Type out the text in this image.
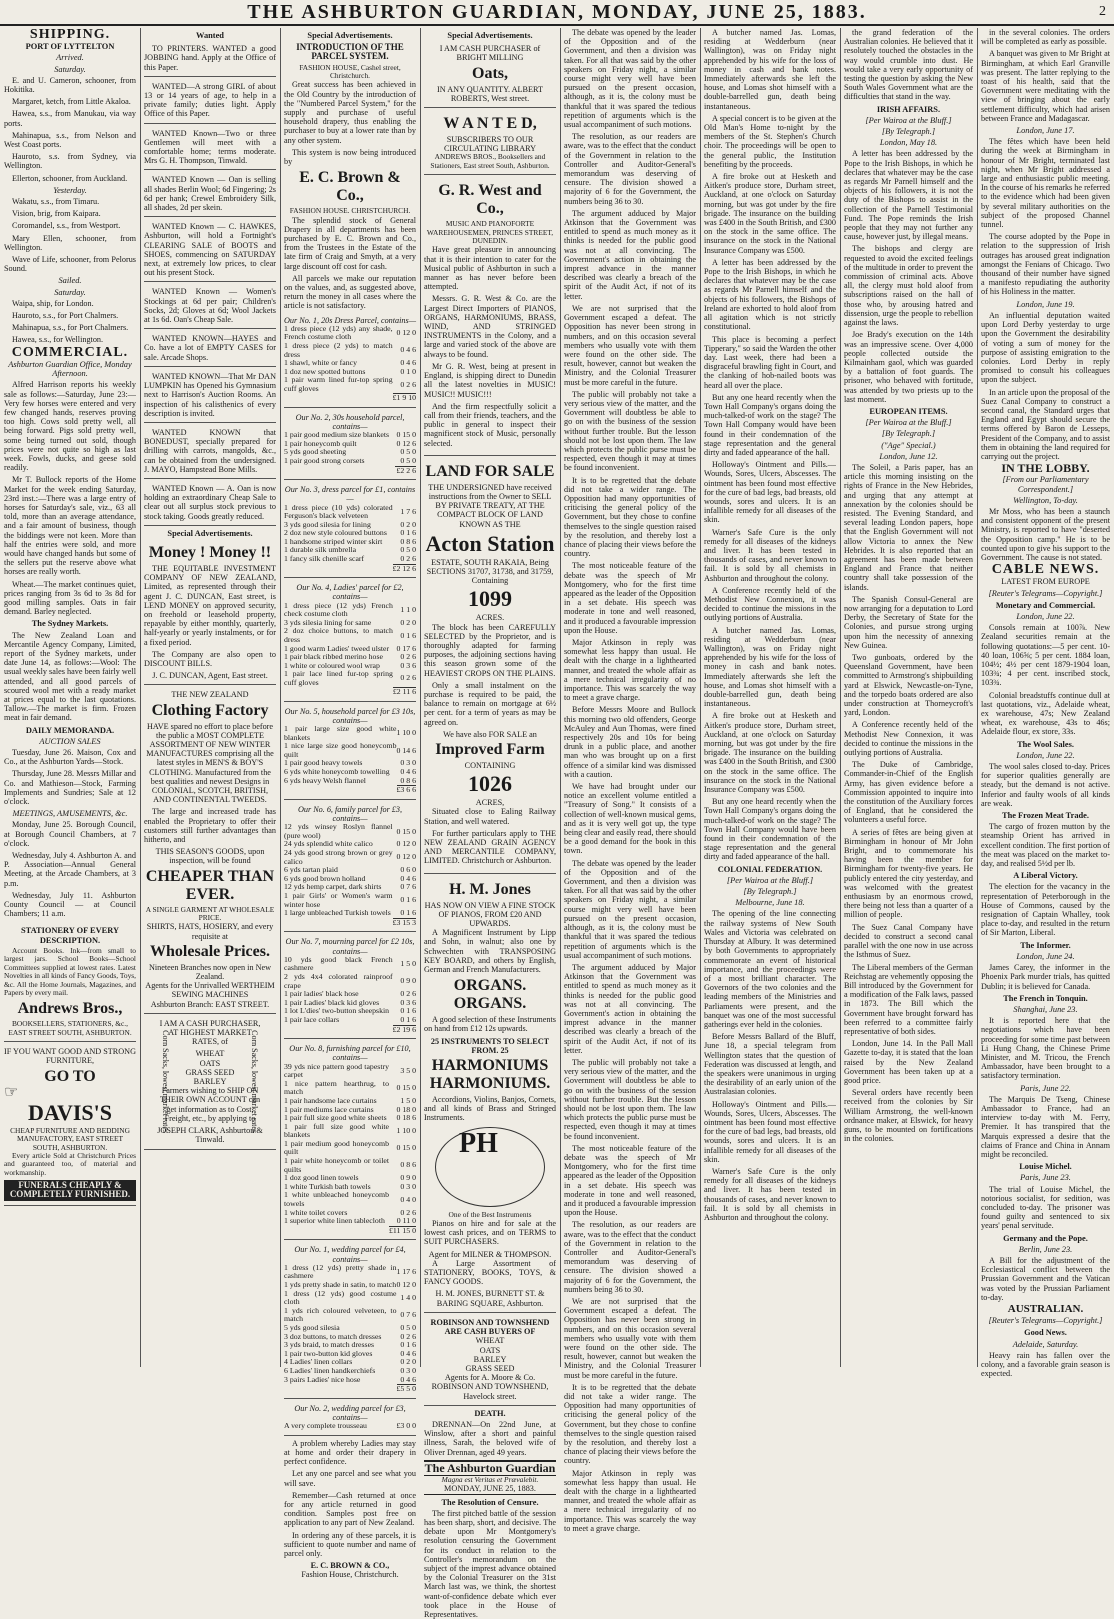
THE ASHBURTON GUARDIAN, MONDAY, JUNE 25, 1883.	2
SHIPPING.
PORT OF LYTTELTON
Arrived.
Saturday.

E. and U. Cameron, schooner, from Hokitika.

Margaret, ketch, from Little Akaloa.

Hawea, s.s., from Manukau, via way ports.

Mahinapua, s.s., from Nelson and West Coast ports.

Hauroto, s.s. from Sydney, via Wellington.

Ellerton, schooner, from Auckland.

Yesterday.

Wakatu, s.s., from Timaru.

Vision, brig, from Kaipara.

Coromandel, s.s., from Westport.

Mary Ellen, schooner, from Wellington.

Wave of Life, schooner, from Pelorus Sound.

Sailed.
Saturday.

Waipa, ship, for London.

Hauroto, s.s., for Port Chalmers.

Mahinapua, s.s., for Port Chalmers.

Hawea, s.s., for Wellington.

COMMERCIAL.
Ashburton Guardian Office, Monday Afternoon.

Alfred Harrison reports his weekly sale as follows:—Saturday, June 23:—Very few horses were entered and very few changed hands, reserves proving too high. Cows sold pretty well, all being forward. Pigs sold pretty well, some being turned out sold, though prices were not quite so high as last week. Fowls, ducks, and geese sold readily.

Mr T. Bullock reports of the Home Market for the week ending Saturday, 23rd inst.:—There was a large entry of horses for Saturday's sale, viz., 63 all told, more than an average attendance, and a fair amount of business, though the biddings were not keen. More than half the entries were sold, and more would have changed hands but some of the sellers put the reserve above what horses are really worth.

Wheat.—The market continues quiet, prices ranging from 3s 6d to 3s 8d for good milling samples. Oats in fair demand. Barley neglected.

The Sydney Markets.

The New Zealand Loan and Mercantile Agency Company, Limited, report of the Sydney markets, under date June 14, as follows:—Wool: The usual weekly sales have been fairly well attended, and all good parcels of scoured wool met with a ready market at prices equal to the last quotations. Tallow.—The market is firm. Frozen meat in fair demand.

DAILY MEMORANDA.
AUCTION SALES

Tuesday, June 26. Maison, Cox and Co., at the Ashburton Yards—Stock.

Thursday, June 28. Messrs Millar and Co. and Mathieson—Stock, Farming Implements and Sundries; Sale at 12 o'clock.

MEETINGS, AMUSEMENTS, &c.

Monday, June 25. Borough Council, at Borough Council Chambers, at 7 o'clock.

Wednesday, July 4. Ashburton A. and P. Association—Annual General Meeting, at the Arcade Chambers, at 3 p.m.

Wednesday, July 11. Ashburton County Council — at Council Chambers; 11 a.m.

STATIONERY OF EVERY DESCRIPTION.

Account Books. Ink—from small to largest jars. School Books—School Committees supplied at lowest rates. Latest Novelties in all kinds of Fancy Goods, Toys, &c. All the Home Journals, Magazines, and Papers by every mail.

Andrews Bros.,
BOOKSELLERS, STATIONERS, &c., EAST STREET SOUTH, ASHBURTON.
IF YOU WANT GOOD AND STRONG FURNITURE,
GO TO
☞
DAVIS'S
CHEAP FURNITURE AND BEDDING MANUFACTORY, EAST STREET SOUTH, ASHBURTON.

Every article Sold at Christchurch Prices and guaranteed too, of material and workmanship.

FUNERALS CHEAPLY & COMPLETELY FURNISHED.
Wanted

TO PRINTERS. WANTED a good JOBBING hand. Apply at the Office of this Paper.

WANTED—A strong GIRL of about 13 or 14 years of age, to help in a private family; duties light. Apply Office of this Paper.

WANTED Known—Two or three Gentlemen will meet with a comfortable home; terms moderate. Mrs G. H. Thompson, Tinwald.

WANTED Known — Oan is selling all shades Berlin Wool; 6d Fingering; 2s 6d per hank; Crewel Embroidery Silk, all shades, 2d per skein.

WANTED Known — C. HAWKES, Ashburton, will hold a Fortnight's CLEARING SALE of BOOTS and SHOES, commencing on SATURDAY next, at extremely low prices, to clear out his present Stock.

WANTED Known — Women's Stockings at 6d per pair; Children's Socks, 2d; Gloves at 6d; Wool Jackets at 1s 6d. Oan's Cheap Sale.

WANTED KNOWN—HAYES and Co. have a lot of EMPTY CASES for sale. Arcade Shops.

WANTED KNOWN—That Mr DAN LUMPKIN has Opened his Gymnasium next to Harrison's Auction Rooms. An inspection of his calisthenics of every description is invited.

WANTED KNOWN that BONEDUST, specially prepared for drilling with carrots, mangolds, &c., can be obtained from the undersigned. J. MAYO, Hampstead Bone Mills.

WANTED Known — A. Oan is now holding an extraordinary Cheap Sale to clear out all surplus stock previous to stock taking. Goods greatly reduced.

Special Advertisements.
Money ! Money !!

THE EQUITABLE INVESTMENT COMPANY OF NEW ZEALAND, Limited, as represented through their agent J. C. DUNCAN, East street, is LEND MONEY on approved security, on freehold or leasehold property, repayable by either monthly, quarterly, half-yearly or yearly instalments, or for a fixed period.

The Company are also open to DISCOUNT BILLS.

J. C. DUNCAN, Agent, East street.
THE NEW ZEALAND
Clothing Factory

HAVE spared no effort to place before the public a MOST COMPLETE ASSORTMENT OF NEW WINTER MANUFACTURES comprising all the latest styles in MEN'S & BOY'S CLOTHING. Manufactured from the best qualities and newest Designs in COLONIAL, SCOTCH, BRITISH, AND CONTINENTAL TWEEDS.

The large and increased trade has enabled the Proprietary to offer their customers still further advantages than hitherto, and

THIS SEASON'S GOODS, upon inspection, will be found
CHEAPER THAN EVER.
A SINGLE GARMENT AT WHOLESALE PRICE.
SHIRTS, HATS, HOSIERY, and every requisite at
Wholesale Prices.
Nineteen Branches now open in New Zealand.
Agents for the Unrivalled WERTHEIM SEWING MACHINES
Ashburton Branch: EAST STREET.
Corn Sacks, lowest market rates	Corn Sacks, lowest market rates

I AM A CASH PURCHASER, AT HIGHEST MARKET RATES, of

WHEAT
OATS
GRASS SEED
BARLEY

Farmers wishing to SHIP ON THEIR OWN ACCOUNT can get information as to Cost, Freight, etc., by applying to

JOSEPH CLARK, Ashburton & Tinwald.
Special Advertisements.
INTRODUCTION OF THE PARCEL SYSTEM.
FASHION HOUSE, Cashel street, Christchurch.

Great success has been achieved in the Old Country by the introduction of the "Numbered Parcel System," for the supply and purchase of useful household drapery, thus enabling the purchaser to buy at a lower rate than by any other system.

This system is now being introduced by

E. C. Brown & Co.,
FASHION HOUSE. CHRISTCHURCH.

The splendid stock of General Drapery in all departments has been purchased by E. C. Brown and Co., from the Trustees in the Estate of the late firm of Craig and Smyth, at a very large discount off cost for cash.

All parcels we make our reputation on the values, and, as suggested above, return the money in all cases where the article is not satisfactory.

Our No. 1, 20s Dress Parcel, contains—
1 dress piece (12 yds) any shade, French costume cloth	0 12 0
1 dress piece (2 yds) to match dress	0 4 6
1 shawl, white or fancy	0 4 6
1 doz new spotted buttons	0 1 0
1 pair warm lined fur-top spring cuff gloves	0 2 6
	£1 9 10
Our No. 2, 30s household parcel, contains—
1 pair good medium size blankets	0 15 0
1 pair honeycomb quilt	0 12 6
5 yds good sheeting	0 5 0
1 pair good strong corsets	0 5 0
	£2 2 6
Our No. 3, dress parcel for £1, contains—
1 dress piece (10 yds) colorated Ferguson's black velveteen	1 7 6
3 yds good silesia for lining	0 2 0
2 doz new style coloured buttons	0 1 6
1 handsome striped winter skirt	0 8 6
1 durable silk umbrella	0 5 0
1 fancy silk chenille scarf	0 2 6
	£2 12 6
Our No. 4, Ladies' parcel for £2, contains—
1 dress piece (12 yds) French check costume cloth	1 1 0
3 yds silesia lining for same	0 2 0
2 doz choice buttons, to match dress	0 1 6
1 good warm Ladies' tweed ulster	0 17 6
1 pair black ribbed merino hose	0 2 6
1 white or coloured wool wrap	0 3 6
1 pair lace lined fur-top spring cuff gloves	0 2 6
	£2 11 6
Our No. 5, household parcel for £3 10s, contains—
1 pair large size good white blankets	1 10 0
1 nice large size good honeycomb quilt	0 14 6
1 pair good heavy towels	0 3 0
6 yds white honeycomb towelling	0 4 6
6 yds heavy Welsh flannel	0 8 6
	£3 6 6
Our No. 6, family parcel for £3, contains—
12 yds winsey Roslyn flannel (pure wool)	0 15 0
24 yds splendid white calico	0 12 0
24 yds good strong brown or grey calico	0 12 0
6 yds tartan plaid	0 6 0
6 yds good brown holland	0 4 6
12 yds hemp carpet, dark shirts	0 7 6
1 pair Girls' or Women's warm winter hose	0 1 6
1 large unbleached Turkish towels	0 1 6
	£3 15 3
Our No. 7, mourning parcel for £2 10s, contains—
10 yds good black French cashmere	1 5 0
2 yds 4x4 colorated rainproof crape	0 9 0
1 pair ladies' black hose	0 2 6
1 pair Ladies' black kid gloves	0 3 6
1 lot L'dies' two-button sheepskin	0 1 6
1 pair lace collars	0 1 6
	£2 19 6
Our No. 8, furnishing parcel for £10, contains—
39 yds nice pattern good tapestry carpet	3 5 0
1 nice pattern hearthrug, to match	0 15 0
1 pair handsome lace curtains	1 5 0
1 pair mediums lace curtains	0 18 0
1 pair full size good white sheets	0 18 6
1 pair full size good white blankets	1 10 0
1 pair medium good honeycomb quilt	0 15 0
1 pair white honeycomb or toilet quilts	0 8 6
1 doz good linen towels	0 9 0
1 white Turkish bath towels	0 3 0
1 white unbleached honeycomb towels	0 4 0
1 white toilet covers	0 2 6
1 superior white linen tablecloth	0 11 0
	£11 15 0
Our No. 1, wedding parcel for £4, contains—
1 dress (12 yds) pretty shade in cashmere	1 17 6
1 yds pretty shade in satin, to match	0 12 0
1 dress (12 yds) good costume cloth	1 4 0
1 yds rich coloured velveteen, to match	0 7 6
5 yds good silesia	0 5 0
3 doz buttons, to match dresses	0 2 6
3 yds braid, to match dresses	0 1 6
1 pair two-button kid gloves	0 4 6
4 Ladies' linen collars	0 2 0
6 Ladies' linen handkerchiefs	0 3 0
3 pairs Ladies' nice hose	0 4 6
	£5 5 0
Our No. 2, wedding parcel for £3, contains—
A very complete trousseau	£3 0 0

A problem whereby Ladies may stay at home and order their drapery in perfect confidence.

Let any one parcel and see what you will save.

Remember—Cash returned at once for any article returned in good condition. Samples post free on application to any part of New Zealand.

In ordering any of these parcels, it is sufficient to quote number and name of parcel only.

E. C. BROWN & CO.,
Fashion House, Christchurch.
Special Advertisements.
I AM CASH PURCHASER of BRIGHT MILLING
Oats,
IN ANY QUANTITY. ALBERT ROBERTS, West street.
W A N T E D,
SUBSCRIBERS TO OUR CIRCULATING LIBRARY
ANDREWS BROS., Booksellers and Stationers, East street South, Ashburton.
G. R. West and Co.,
MUSIC AND PIANOFORTE WAREHOUSEMEN, PRINCES STREET, DUNEDIN.

Have great pleasure in announcing that it is their intention to cater for the Musical public of Ashburton in such a manner as has never before been attempted.

Messrs. G. R. West & Co. are the Largest Direct Importers of PIANOS, ORGANS, HARMONIUMS, BRASS, WIND, AND STRINGED INSTRUMENTS in the Colony, and a large and varied stock of the above are always to be found.

Mr G. R. West, being at present in England, is shipping direct to Dunedin all the latest novelties in MUSIC! MUSIC!! MUSIC!!!

And the firm respectfully solicit a call from their friends, teachers, and the public in general to inspect their magnificent stock of Music, personally selected.

LAND FOR SALE

THE UNDERSIGNED have received instructions from the Owner to SELL BY PRIVATE TREATY, AT THE COMPACT BLOCK OF LAND KNOWN AS THE

Acton Station
ESTATE, SOUTH RAKAIA, Being SECTIONS 31707, 31738, and 31759, Containing
1099
ACRES.

The block has been CAREFULLY SELECTED by the Proprietor, and is thoroughly adapted for farming purposes, the adjoining sections having this season grown some of the HEAVIEST CROPS ON THE PLAINS.

Only a small instalment on the purchase is required to be paid, the balance to remain on mortgage at 6½ per cent. for a term of years as may be agreed on.

We have also FOR SALE an
Improved Farm
CONTAINING
1026
ACRES,

Situated close to Ealing Railway Station, and well watered.

For further particulars apply to THE NEW ZEALAND GRAIN AGENCY AND MERCANTILE COMPANY, LIMITED. Christchurch or Ashburton.

H. M. Jones
HAS NOW ON VIEW A FINE STOCK OF PIANOS, FROM £20 AND UPWARDS.

A Magnificent Instrument by Lipp and Sohn, in walnut; also one by Schwechten with TRANSPOSING KEY BOARD, and others by English, German and French Manufacturers.

ORGANS. ORGANS.

A good selection of these Instruments on hand from £12 12s upwards.

25 INSTRUMENTS TO SELECT FROM. 25
HARMONIUMS HARMONIUMS.

Accordions, Violins, Banjos, Cornets, and all kinds of Brass and Stringed Instruments.

PH
One of the Best Instruments

Pianos on hire and for sale at the lowest cash prices, and on TERMS to SUIT PURCHASERS.

Agent for MILNER & THOMPSON.

A Large Assortment of STATIONERY, BOOKS, TOYS, & FANCY GOODS.

H. M. JONES, BURNETT ST. & BARING SQUARE, Ashburton.
ROBINSON AND TOWNSHEND ARE CASH BUYERS OF
WHEAT
OATS
BARLEY
GRASS SEED
Agents for A. Moore & Co.
ROBINSON AND TOWNSHEND, Havelock street.
DEATH.

DRENNAN—On 22nd June, at Winslow, after a short and painful illness, Sarah, the beloved wife of Oliver Drennan, aged 49 years.

The Ashburton Guardian
Magna est Veritas et Prævalebit.
MONDAY, JUNE 25, 1883.
The Resolution of Censure.

The first pitched battle of the session has been sharp, short, and decisive. The debate upon Mr Montgomery's resolution censuring the Government for its conduct in relation to the Controller's memorandum on the subject of the imprest advance obtained by the Colonial Treasurer on the 31st March last was, we think, the shortest want-of-confidence debate which ever took place in the House of Representatives.

The debate was opened by the leader of the Opposition and of the Government, and then a division was taken. For all that was said by the other speakers on Friday night, a similar course might very well have been pursued on the present occasion, although, as it is, the colony must be thankful that it was spared the tedious repetition of arguments which is the usual accompaniment of such motions.

The resolution, as our readers are aware, was to the effect that the conduct of the Government in relation to the Controller and Auditor-General's memorandum was deserving of censure. The division showed a majority of 6 for the Government, the numbers being 36 to 30.

The argument adduced by Major Atkinson that the Government was entitled to spend as much money as it thinks is needed for the public good was not at all convincing. The Government's action in obtaining the imprest advance in the manner described was clearly a breach of the spirit of the Audit Act, if not of its letter.

We are not surprised that the Government escaped a defeat. The Opposition has never been strong in numbers, and on this occasion several members who usually vote with them were found on the other side. The result, however, cannot but weaken the Ministry, and the Colonial Treasurer must be more careful in the future.

The public will probably not take a very serious view of the matter, and the Government will doubtless be able to go on with the business of the session without further trouble. But the lesson should not be lost upon them. The law which protects the public purse must be respected, even though it may at times be found inconvenient.

It is to be regretted that the debate did not take a wider range. The Opposition had many opportunities of criticising the general policy of the Government, but they chose to confine themselves to the single question raised by the resolution, and thereby lost a chance of placing their views before the country.

The most noticeable feature of the debate was the speech of Mr Montgomery, who for the first time appeared as the leader of the Opposition in a set debate. His speech was moderate in tone and well reasoned, and it produced a favourable impression upon the House.

Major Atkinson in reply was somewhat less happy than usual. He dealt with the charge in a lighthearted manner, and treated the whole affair as a mere technical irregularity of no importance. This was scarcely the way to meet a grave charge.

Before Messrs Moore and Bullock this morning two old offenders, George McAuley and Aun Thomas, were fined respectively 20s and 10s for being drunk in a public place, and another man who was brought up on a first offence of a similar kind was dismissed with a caution.

We have had brought under our notice an excellent volume entitled a "Treasury of Song." It consists of a collection of well-known musical gems, and as it is very well got up, the type being clear and easily read, there should be a good demand for the book in this town.

The debate was opened by the leader of the Opposition and of the Government, and then a division was taken. For all that was said by the other speakers on Friday night, a similar course might very well have been pursued on the present occasion, although, as it is, the colony must be thankful that it was spared the tedious repetition of arguments which is the usual accompaniment of such motions.

The argument adduced by Major Atkinson that the Government was entitled to spend as much money as it thinks is needed for the public good was not at all convincing. The Government's action in obtaining the imprest advance in the manner described was clearly a breach of the spirit of the Audit Act, if not of its letter.

The public will probably not take a very serious view of the matter, and the Government will doubtless be able to go on with the business of the session without further trouble. But the lesson should not be lost upon them. The law which protects the public purse must be respected, even though it may at times be found inconvenient.

The most noticeable feature of the debate was the speech of Mr Montgomery, who for the first time appeared as the leader of the Opposition in a set debate. His speech was moderate in tone and well reasoned, and it produced a favourable impression upon the House.

The resolution, as our readers are aware, was to the effect that the conduct of the Government in relation to the Controller and Auditor-General's memorandum was deserving of censure. The division showed a majority of 6 for the Government, the numbers being 36 to 30.

We are not surprised that the Government escaped a defeat. The Opposition has never been strong in numbers, and on this occasion several members who usually vote with them were found on the other side. The result, however, cannot but weaken the Ministry, and the Colonial Treasurer must be more careful in the future.

It is to be regretted that the debate did not take a wider range. The Opposition had many opportunities of criticising the general policy of the Government, but they chose to confine themselves to the single question raised by the resolution, and thereby lost a chance of placing their views before the country.

Major Atkinson in reply was somewhat less happy than usual. He dealt with the charge in a lighthearted manner, and treated the whole affair as a mere technical irregularity of no importance. This was scarcely the way to meet a grave charge.

A butcher named Jas. Lomas, residing at Wedderburn (near Wallington), was on Friday night apprehended by his wife for the loss of money in cash and bank notes. Immediately afterwards she left the house, and Lomas shot himself with a double-barrelled gun, death being instantaneous.

A special concert is to be given at the Old Man's Home to-night by the members of the St. Stephen's Church choir. The proceedings will be open to the general public, the Institution benefiting by the proceeds.

A fire broke out at Hesketh and Aitken's produce store, Durham street, Auckland, at one o'clock on Saturday morning, but was got under by the fire brigade. The insurance on the building was £400 in the South British, and £300 on the stock in the same office. The insurance on the stock in the National Insurance Company was £500.

A letter has been addressed by the Pope to the Irish Bishops, in which he declares that whatever may be the case as regards Mr Parnell himself and the objects of his followers, the Bishops of Ireland are exhorted to hold aloof from all agitation which is not strictly constitutional.

This place is becoming a perfect Tipperary," so said the Warden the other day. Last week, there had been a disgraceful brawling fight in Court, and the clanking of hob-nailed boots was heard all over the place.

But any one heard recently when the Town Hall Company's organs doing the much-talked-of work on the stage? The Town Hall Company would have been found in their condemnation of the stage representation and the general dirty and faded appearance of the hall.

Holloway's Ointment and Pills.—Wounds, Sores, Ulcers, Abscesses. The ointment has been found most effective for the cure of bad legs, bad breasts, old wounds, sores and ulcers. It is an infallible remedy for all diseases of the skin.

Warner's Safe Cure is the only remedy for all diseases of the kidneys and liver. It has been tested in thousands of cases, and never known to fail. It is sold by all chemists in Ashburton and throughout the colony.

A Conference recently held of the Methodist New Connexion, it was decided to continue the missions in the outlying portions of Australia.

A butcher named Jas. Lomas, residing at Wedderburn (near Wallington), was on Friday night apprehended by his wife for the loss of money in cash and bank notes. Immediately afterwards she left the house, and Lomas shot himself with a double-barrelled gun, death being instantaneous.

A fire broke out at Hesketh and Aitken's produce store, Durham street, Auckland, at one o'clock on Saturday morning, but was got under by the fire brigade. The insurance on the building was £400 in the South British, and £300 on the stock in the same office. The insurance on the stock in the National Insurance Company was £500.

But any one heard recently when the Town Hall Company's organs doing the much-talked-of work on the stage? The Town Hall Company would have been found in their condemnation of the stage representation and the general dirty and faded appearance of the hall.

COLONIAL FEDERATION.
[Per Wairoa at the Bluff.]
[By Telegraph.]
Melbourne, June 18.

The opening of the line connecting the railway systems of New South Wales and Victoria was celebrated on Thursday at Albury. It was determined by both Governments to appropriately commemorate an event of historical importance, and the proceedings were of a most brilliant character. The Governors of the two colonies and the leading members of the Ministries and Parliaments were present, and the banquet was one of the most successful gatherings ever held in the colonies.

Before Messrs Ballard of the Bluff, June 18, a special telegram from Wellington states that the question of Federation was discussed at length, and the speakers were unanimous in urging the desirability of an early union of the Australasian colonies.

Holloway's Ointment and Pills.—Wounds, Sores, Ulcers, Abscesses. The ointment has been found most effective for the cure of bad legs, bad breasts, old wounds, sores and ulcers. It is an infallible remedy for all diseases of the skin.

Warner's Safe Cure is the only remedy for all diseases of the kidneys and liver. It has been tested in thousands of cases, and never known to fail. It is sold by all chemists in Ashburton and throughout the colony.

the grand federation of the Australian colonies. He believed that it resolutely touched the obstacles in the way would crumble into dust. He would take a very early opportunity of testing the question by asking the New South Wales Government what are the difficulties that stand in the way.

IRISH AFFAIRS.
[Per Wairoa at the Bluff.]
[By Telegraph.]
London, May 18.

A letter has been addressed by the Pope to the Irish Bishops, in which he declares that whatever may be the case as regards Mr Parnell himself and the objects of his followers, it is not the duty of the Bishops to assist in the collection of the Parnell Testimonial Fund. The Pope reminds the Irish people that they may not further any cause, however just, by illegal means.

The bishops and clergy are requested to avoid the excited feelings of the multitude in order to prevent the commission of criminal acts. Above all, the clergy must hold aloof from subscriptions raised on the hall of those who, by arousing hatred and dissension, urge the people to rebellion against the laws.

Joe Brady's execution on the 14th was an impressive scene. Over 4,000 people collected outside the Kilmainham gaol, which was guarded by a battalion of foot guards. The prisoner, who behaved with fortitude, was attended by two priests up to the last moment.

EUROPEAN ITEMS.
[Per Wairoa at the Bluff.]
[By Telegraph.]
("Age" Special.)
London, June 12.

The Soleil, a Paris paper, has an article this morning insisting on the rights of France in the New Hebrides, and urging that any attempt at annexation by the colonies should be resisted. The Evening Standard, and several leading London papers, hope that the English Government will not allow Victoria to annex the New Hebrides. It is also reported that an agreement has been made between England and France that neither country shall take possession of the islands.

The Spanish Consul-General are now arranging for a deputation to Lord Derby, the Secretary of State for the Colonies, and pursue strong urging upon him the necessity of annexing New Guinea.

Two gunboats, ordered by the Queensland Government, have been committed to Armstrong's shipbuilding yard at Elswick, Newcastle-on-Tyne, and the torpedo boats ordered are also under construction at Thorneycroft's yard, London.

A Conference recently held of the Methodist New Connexion, it was decided to continue the missions in the outlying portions of Australia.

The Duke of Cambridge, Commander-in-Chief of the English Army, has given evidence before a Commission appointed to inquire into the constitution of the Auxiliary forces of England, that he considered the volunteers a useful force.

A series of fêtes are being given at Birmingham in honour of Mr John Bright, and to commemorate his having been the member for Birmingham for twenty-five years. He publicly entered the city yesterday, and was welcomed with the greatest enthusiasm by an enormous crowd, there being not less than a quarter of a million of people.

The Suez Canal Company have decided to construct a second canal parallel with the one now in use across the Isthmus of Suez.

The Liberal members of the German Reichstag are vehemently opposing the Bill introduced by the Government for a modification of the Falk laws, passed in 1873. The Bill which the Government have brought forward has been referred to a committee fairly representative of both sides.

London, June 14. In the Pall Mall Gazette to-day, it is stated that the loan raised by the New Zealand Government has been taken up at a good price.

Several orders have recently been received from the colonies by Sir William Armstrong, the well-known ordnance maker, at Elswick, for heavy guns, to be mounted on fortifications in the colonies.

in the several colonies. The orders will be completed as early as possible.

A banquet was given to Mr Bright at Birmingham, at which Earl Granville was present. The latter replying to the toast of his health, said that the Government were meditating with the view of bringing about the early settlement difficulty, which had arisen between France and Madagascar.

London, June 17.

The fêtes which have been held during the week at Birmingham in honour of Mr Bright, terminated last night, when Mr Bright addressed a large and enthusiastic public meeting. In the course of his remarks he referred to the evidence which had been given by several military authorities on the subject of the proposed Channel tunnel.

The course adopted by the Pope in relation to the suppression of Irish outrages has aroused great indignation amongst the Fenians of Chicago. Two thousand of their number have signed a manifesto repudiating the authority of his Holiness in the matter.

London, June 19.

An influential deputation waited upon Lord Derby yesterday to urge upon the Government the desirability of voting a sum of money for the purpose of assisting emigration to the colonies. Lord Derby in reply promised to consult his colleagues upon the subject.

In an article upon the proposal of the Suez Canal Company to construct a second canal, the Standard urges that England and Egypt should secure the terms offered by Baron de Lesseps, President of the Company, and to assist them in obtaining the land required for carrying out the project.

IN THE LOBBY.
[From our Parliamentary Correspondent.]
Wellington, To-day.

Mr Moss, who has been a staunch and consistent opponent of the present Ministry, is reported to have "deserted the Opposition camp." He is to be counted upon to give his support to the Government. The cause is not stated.

CABLE NEWS.
LATEST FROM EUROPE
[Reuter's Telegrams—Copyright.]
Monetary and Commercial.
London, June 22.

Consols remain at 100⅞. New Zealand securities remain at the following quotations:—5 per cent. 10-40 loan, 106⅝; 5 per cent. 1884 loan, 104½; 4½ per cent 1879-1904 loan, 103¾; 4 per cent. inscribed stock, 103¾.

Colonial breadstuffs continue dull at last quotations, viz., Adelaide wheat, ex warehouse, 47s; New Zealand wheat, ex warehouse, 43s to 46s; Adelaide flour, ex store, 33s.

The Wool Sales.
London, June 22.

The wool sales closed to-day. Prices for superior qualities generally are steady, but the demand is not active. Inferior and faulty wools of all kinds are weak.

The Frozen Meat Trade.

The cargo of frozen mutton by the steamship Orient has arrived in excellent condition. The first portion of the meat was placed on the market to-day, and realised 5½d per lb.

A Liberal Victory.

The election for the vacancy in the representation of Peterborough in the House of Commons, caused by the resignation of Captain Whalley, took place to-day, and resulted in the return of Sir Marton, Liberal.

The Informer.
London, June 24.

James Carey, the informer in the Phoenix Park murder trials, has quitted Dublin; it is believed for Canada.

The French in Tonquin.
Shanghai, June 23.

It is reported here that the negotiations which have been proceeding for some time past between Li Hung Chang, the Chinese Prime Minister, and M. Tricou, the French Ambassador, have been brought to a satisfactory termination.

Paris, June 22.

The Marquis De Tseng, Chinese Ambassador to France, had an interview to-day with M. Ferry, Premier. It has transpired that the Marquis expressed a desire that the claims of France and China in Annam might be reconciled.

Louise Michel.
Paris, June 23.

The trial of Louise Michel, the notorious socialist, for sedition, was concluded to-day. The prisoner was found guilty and sentenced to six years' penal servitude.

Germany and the Pope.
Berlin, June 23.

A Bill for the adjustment of the Ecclesiastical conflict between the Prussian Government and the Vatican was voted by the Prussian Parliament to-day.

AUSTRALIAN.
[Reuter's Telegrams—Copyright.]
Good News.
Adelaide, Saturday.

Heavy rain has fallen over the colony, and a favorable grain season is expected.
